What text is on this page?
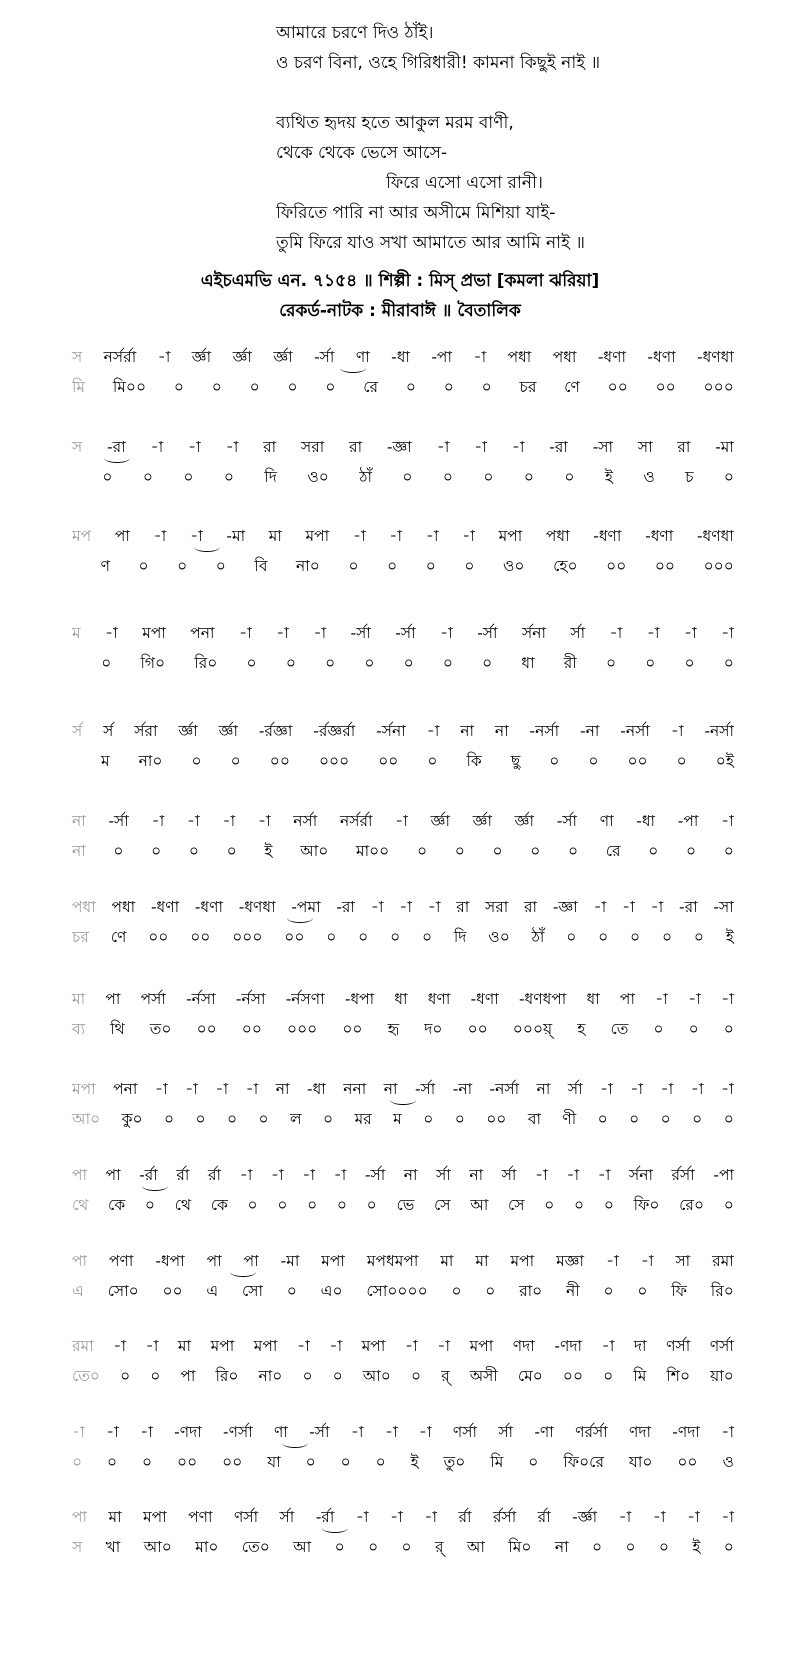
আমারে চরণে দিও ঠাঁই।
ও চরণ বিনা, ওহে গিরিধারী! কামনা কিছুই নাই ॥
ব্যথিত হৃদয় হতে আকুল মরম বাণী,
থেকে থেকে ভেসে আসে-
ফিরে এসো এসো রানী।
ফিরিতে পারি না আর অসীমে মিশিয়া যাই-
তুমি ফিরে যাও সখা আমাতে আর আমি নাই ॥
এইচএমভি এন. ৭১৫৪ ॥ শিল্পী : মিস্ প্রভা [কমলা ঝরিয়া]
রেকর্ড-নাটক : মীরাবাঈ ॥ বৈতালিক
স নর্সর্রা -া র্জ্ঞা র্জ্ঞা র্জ্ঞা -র্সা ণা -ধা -পা -া পধা পধা -ধণা -ধণা -ধণধা
মি মি০০ ০ ০ ০ ০ ০ রে ০ ০ ০ চর ণে ০০ ০০ ০০০
স -রা -া -া -া রা সরা রা -জ্ঞা -া -া -া -রা -সা সা রা -মা
০ ০ ০ ০ দি ও০ ঠাঁ ০ ০ ০ ০ ০ ই ও চ ০
মপ পা -া -া -মা মা মপা -া -া -া -া মপা পধা -ধণা -ধণা -ধণধা
ণ ০ ০ ০ বি না০ ০ ০ ০ ০ ও০ হে০ ০০ ০০ ০০০
ম -া মপা পনা -া -া -া -র্সা -র্সা -া -র্সা র্সনা র্সা -া -া -া -া
০ গি০ রি০ ০ ০ ০ ০ ০ ০ ০ ধা রী ০ ০ ০ ০
র্স র্স র্সরা র্জ্ঞা র্জ্ঞা -র্রজ্ঞা -র্রজ্ঞর্রা -র্সনা -া না না -নর্সা -না -নর্সা -া -নর্সা
ম না০ ০ ০ ০০ ০০০ ০০ ০ কি ছু ০ ০ ০০ ০ ০ই
না -র্সা -া -া -া -া নর্সা নর্সর্রা -া র্জ্ঞা র্জ্ঞা র্জ্ঞা -র্সা ণা -ধা -পা -া
না ০ ০ ০ ০ ই আ০ মা০০ ০ ০ ০ ০ ০ রে ০ ০ ০
পধা পধা -ধণা -ধণা -ধণধা -পমা -রা -া -া -া রা সরা রা -জ্ঞা -া -া -া -রা -সা
চর ণে ০০ ০০ ০০০ ০০ ০ ০ ০ ০ দি ও০ ঠাঁ ০ ০ ০ ০ ০ ই
মা পা পর্সা -র্নসা -র্নসা -র্নসণা -ধপা ধা ধণা -ধণা -ধণধপা ধা পা -া -া -া
ব্য থি ত০ ০০ ০০ ০০০ ০০ হৃ দ০ ০০ ০০০য়্ হ তে ০ ০ ০
মপা পনা -া -া -া -া না -ধা ননা না -র্সা -না -নর্সা না র্সা -া -া -া -া -া
আ০ কু০ ০ ০ ০ ০ ল ০ মর ম ০ ০ ০০ বা ণী ০ ০ ০ ০ ০
পা পা -র্রা র্রা র্রা -া -া -া -া -র্সা না র্সা না র্সা -া -া -া র্সনা র্রর্সা -পা
থে কে ০ থে কে ০ ০ ০ ০ ০ ভে সে আ সে ০ ০ ০ ফি০ রে০ ০
পা পণা -ধপা পা পা -মা মপা মপধমপা মা মা মপা মজ্ঞা -া -া সা রমা
এ সো০ ০০ এ সো ০ এ০ সো০০০০ ০ ০ রা০ নী ০ ০ ফি রি০
রমা -া -া মা মপা মপা -া -া মপা -া -া মপা ণদা -ণদা -া দা ণর্সা ণর্সা
তে০ ০ ০ পা রি০ না০ ০ ০ আ০ ০ র্ অসী মে০ ০০ ০ মি শি০ য়া০
-া -া -া -ণদা -ণর্সা ণা -র্সা -া -া -া ণর্সা র্সা -ণা ণর্রর্সা ণদা -ণদা -া
০ ০ ০ ০০ ০০ যা ০ ০ ০ ই তু০ মি ০ ফি০রে যা০ ০০ ও
পা মা মপা পণা ণর্সা র্সা -র্রা -া -া -া র্রা র্রর্সা র্রা -র্জ্ঞা -া -া -া -া
স খা আ০ মা০ তে০ আ ০ ০ ০ র্ আ মি০ না ০ ০ ০ ই ০
